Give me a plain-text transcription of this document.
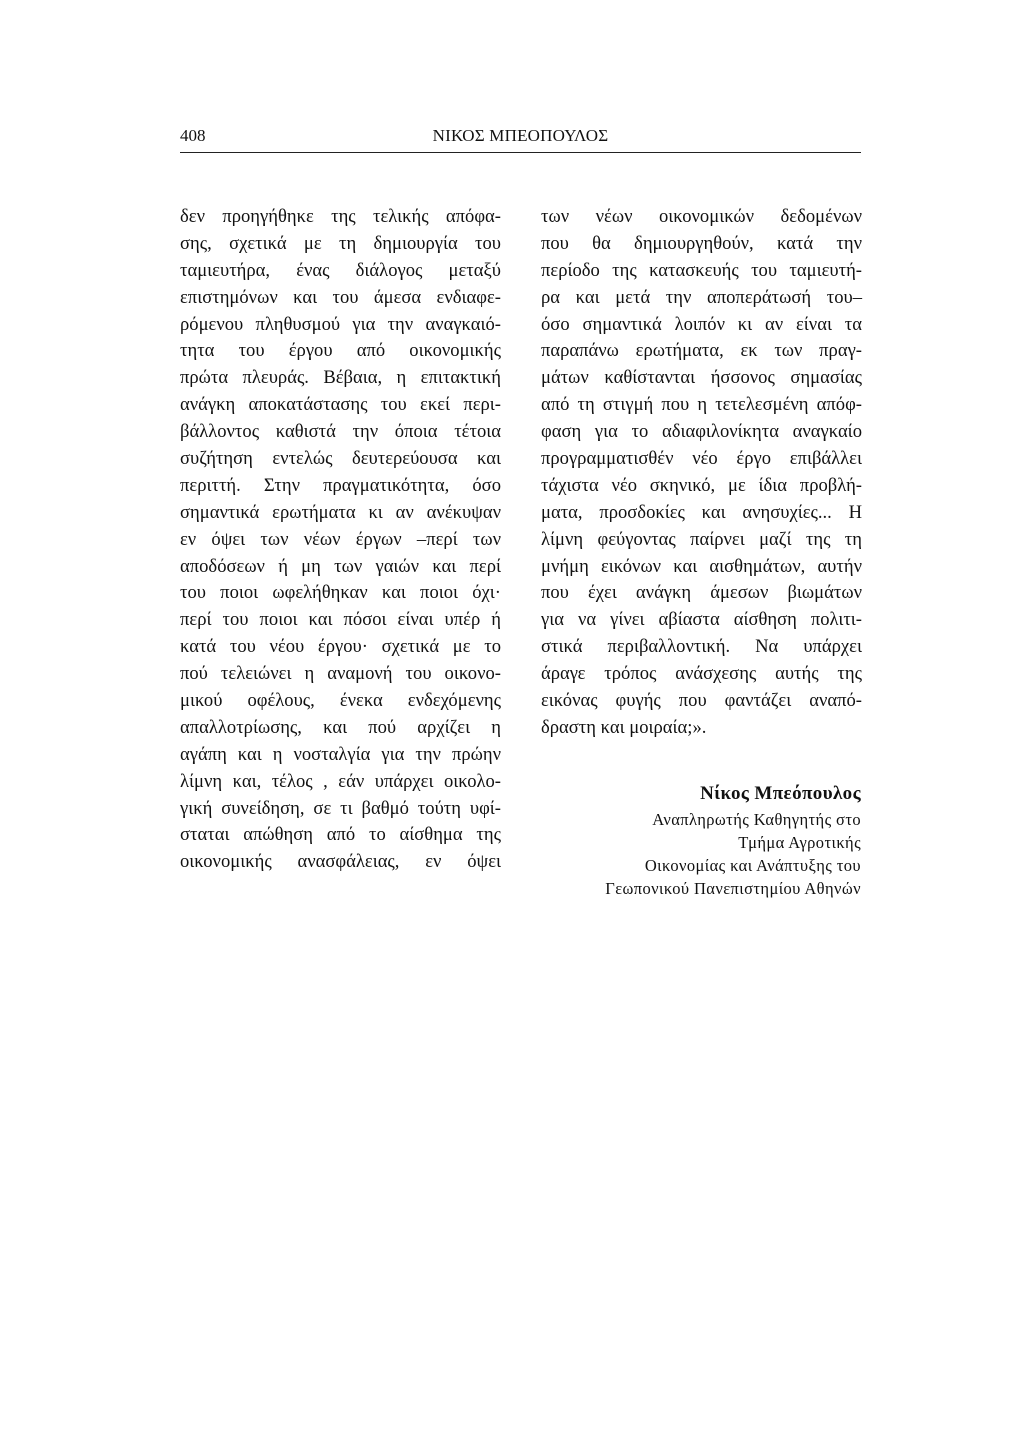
408	ΝΙΚΟΣ ΜΠΕΟΠΟΥΛΟΣ
δεν προηγήθηκε της τελικής απόφα-
σης, σχετικά με τη δημιουργία του
ταμιευτήρα, ένας διάλογος μεταξύ
επιστημόνων και του άμεσα ενδιαφε-
ρόμενου πληθυσμού για την αναγκαιό-
τητα του έργου από οικονομικής
πρώτα πλευράς. Βέβαια, η επιτακτική
ανάγκη αποκατάστασης του εκεί περι-
βάλλοντος καθιστά την όποια τέτοια
συζήτηση εντελώς δευτερεύουσα και
περιττή. Στην πραγματικότητα, όσο
σημαντικά ερωτήματα κι αν ανέκυψαν
εν όψει των νέων έργων –περί των
αποδόσεων ή μη των γαιών και περί
του ποιοι ωφελήθηκαν και ποιοι όχι·
περί του ποιοι και πόσοι είναι υπέρ ή
κατά του νέου έργου· σχετικά με το
πού τελειώνει η αναμονή του οικονο-
μικού οφέλους, ένεκα ενδεχόμενης
απαλλοτρίωσης, και πού αρχίζει η
αγάπη και η νοσταλγία για την πρώην
λίμνη και, τέλος , εάν υπάρχει οικολο-
γική συνείδηση, σε τι βαθμό τούτη υφί-
σταται απώθηση από το αίσθημα της
οικονομικής ανασφάλειας, εν όψει
των νέων οικονομικών δεδομένων
που θα δημιουργηθούν, κατά την
περίοδο της κατασκευής του ταμιευτή-
ρα και μετά την αποπεράτωσή του–
όσο σημαντικά λοιπόν κι αν είναι τα
παραπάνω ερωτήματα, εκ των πραγ-
μάτων καθίστανται ήσσονος σημασίας
από τη στιγμή που η τετελεσμένη απόφ-
φαση για το αδιαφιλονίκητα αναγκαίο
προγραμματισθέν νέο έργο επιβάλλει
τάχιστα νέο σκηνικό, με ίδια προβλή-
ματα, προσδοκίες και ανησυχίες... Η
λίμνη φεύγοντας παίρνει μαζί της τη
μνήμη εικόνων και αισθημάτων, αυτήν
που έχει ανάγκη άμεσων βιωμάτων
για να γίνει αβίαστα αίσθηση πολιτι-
στικά περιβαλλοντική. Να υπάρχει
άραγε τρόπος ανάσχεσης αυτής της
εικόνας φυγής που φαντάζει αναπό-
δραστη και μοιραία;».
Νίκος Μπεόπουλος
Αναπληρωτής Καθηγητής στο
Τμήμα Αγροτικής
Οικονομίας και Ανάπτυξης του
Γεωπονικού Πανεπιστημίου Αθηνών
